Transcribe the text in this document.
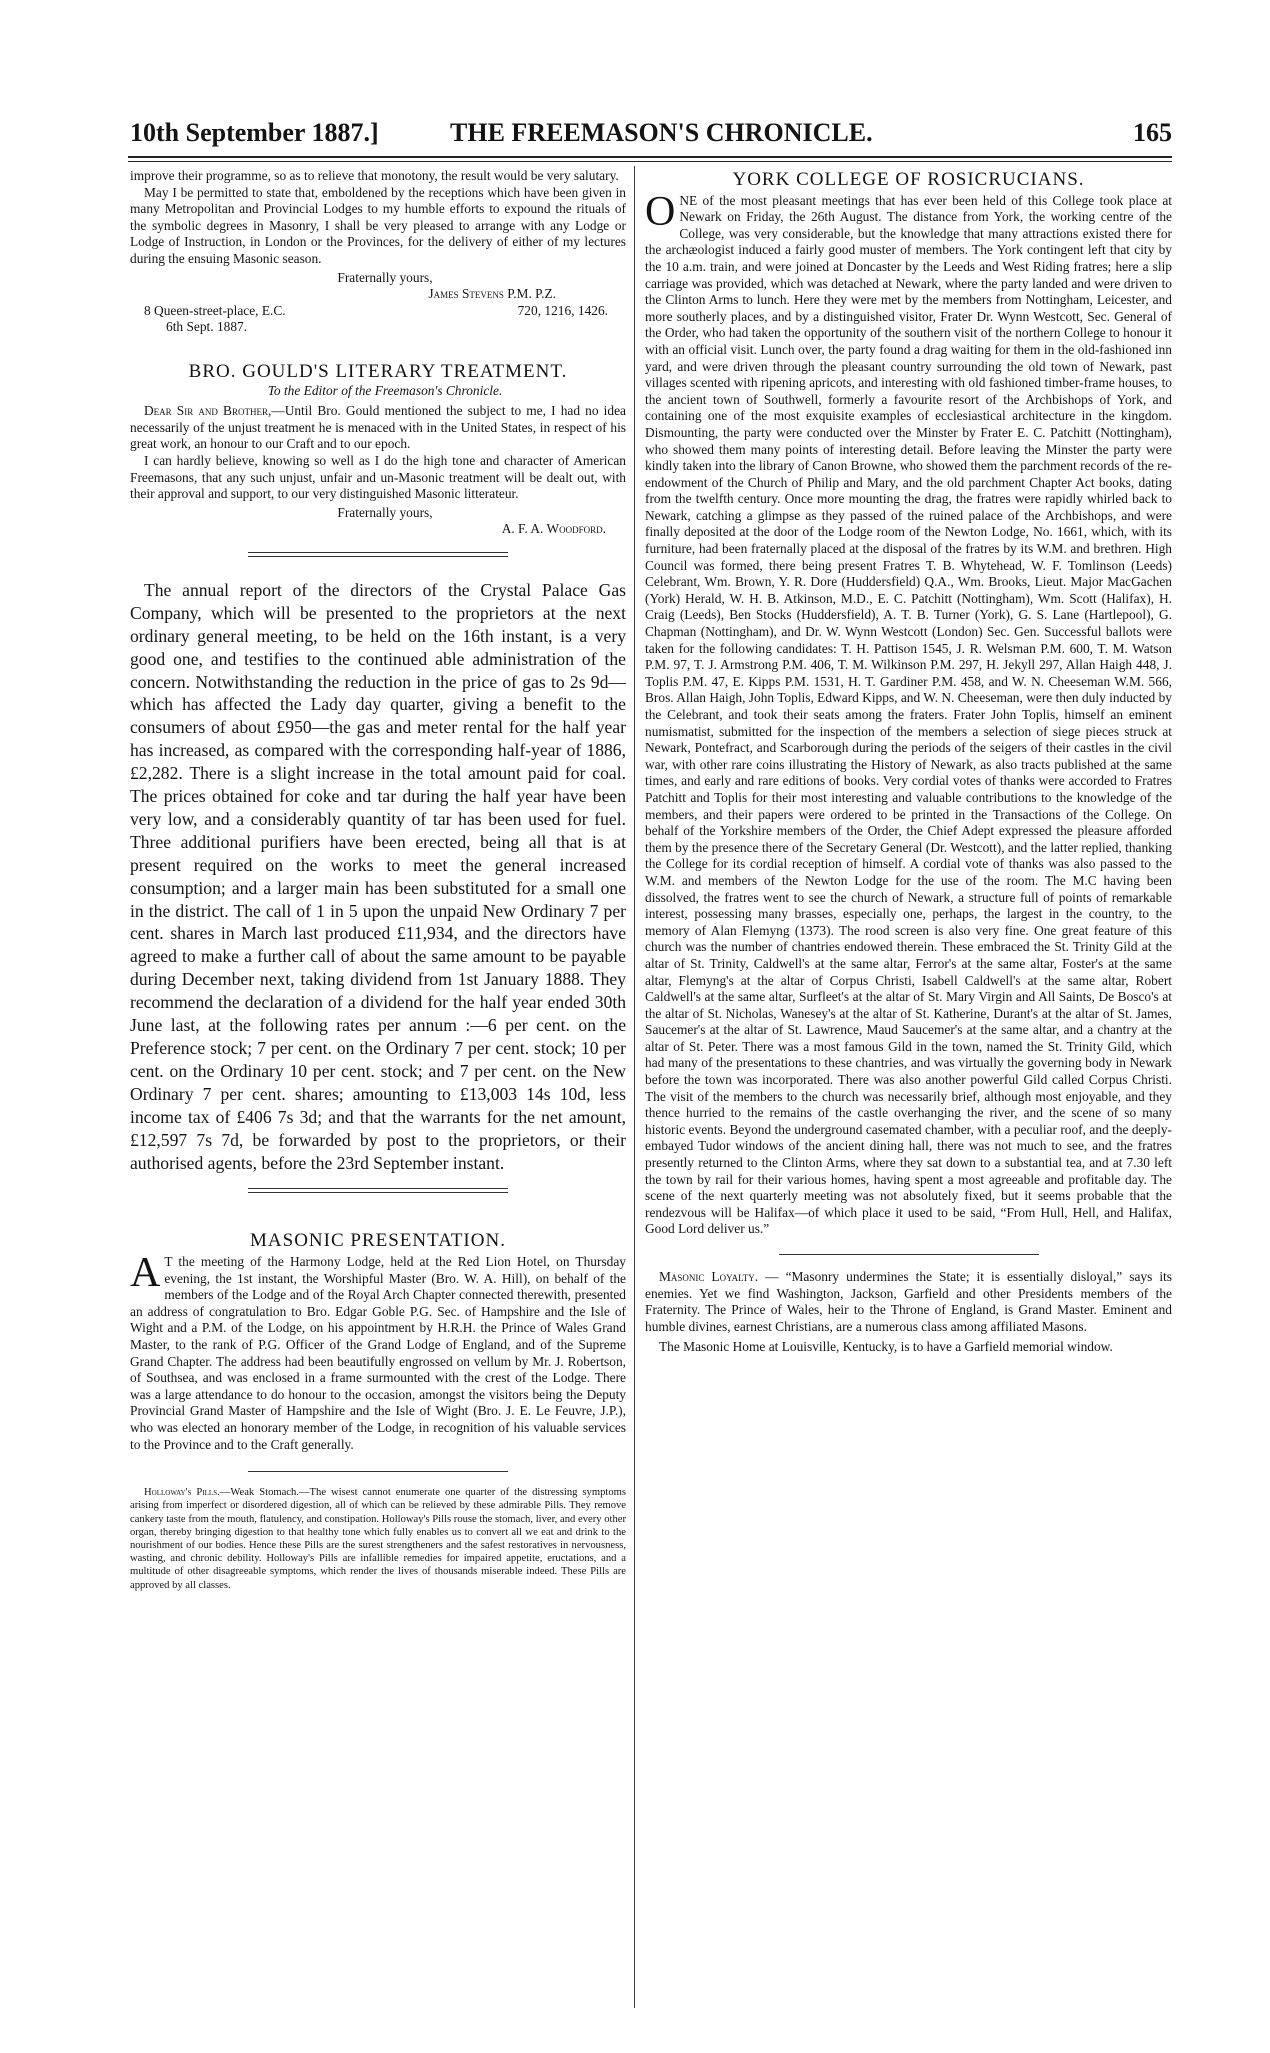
10th September 1887.]	THE FREEMASON'S CHRONICLE.	165

improve their programme, so as to relieve that monotony, the result would be very salutary.

May I be permitted to state that, emboldened by the receptions which have been given in many Metropolitan and Provincial Lodges to my humble efforts to expound the rituals of the symbolic degrees in Masonry, I shall be very pleased to arrange with any Lodge or Lodge of Instruction, in London or the Provinces, for the delivery of either of my lectures during the ensuing Masonic season.

Fraternally yours,

James Stevens P.M. P.Z.

8 Queen-street-place, E.C.	720, 1216, 1426.

6th Sept. 1887.

BRO. GOULD'S LITERARY TREATMENT.

To the Editor of the Freemason's Chronicle.

Dear Sir and Brother,—Until Bro. Gould mentioned the subject to me, I had no idea necessarily of the unjust treatment he is menaced with in the United States, in respect of his great work, an honour to our Craft and to our epoch.

I can hardly believe, knowing so well as I do the high tone and character of American Freemasons, that any such unjust, unfair and un-Masonic treatment will be dealt out, with their approval and support, to our very distinguished Masonic litterateur.

Fraternally yours,

A. F. A. Woodford.

The annual report of the directors of the Crystal Palace Gas Company, which will be presented to the proprietors at the next ordinary general meeting, to be held on the 16th instant, is a very good one, and testifies to the continued able administration of the concern. Notwithstanding the reduction in the price of gas to 2s 9d—which has affected the Lady day quarter, giving a benefit to the consumers of about £950—the gas and meter rental for the half year has increased, as compared with the corresponding half-year of 1886, £2,282. There is a slight increase in the total amount paid for coal. The prices obtained for coke and tar during the half year have been very low, and a considerably quantity of tar has been used for fuel. Three additional purifiers have been erected, being all that is at present required on the works to meet the general increased consumption; and a larger main has been substituted for a small one in the district. The call of 1 in 5 upon the unpaid New Ordinary 7 per cent. shares in March last produced £11,934, and the directors have agreed to make a further call of about the same amount to be payable during December next, taking dividend from 1st January 1888. They recommend the declaration of a dividend for the half year ended 30th June last, at the following rates per annum :—6 per cent. on the Preference stock; 7 per cent. on the Ordinary 7 per cent. stock; 10 per cent. on the Ordinary 10 per cent. stock; and 7 per cent. on the New Ordinary 7 per cent. shares; amounting to £13,003 14s 10d, less income tax of £406 7s 3d; and that the warrants for the net amount, £12,597 7s 7d, be forwarded by post to the proprietors, or their authorised agents, before the 23rd September instant.

MASONIC PRESENTATION.

A T the meeting of the Harmony Lodge, held at the Red Lion Hotel, on Thursday evening, the 1st instant, the Worshipful Master (Bro. W. A. Hill), on behalf of the members of the Lodge and of the Royal Arch Chapter connected therewith, presented an address of congratulation to Bro. Edgar Goble P.G. Sec. of Hampshire and the Isle of Wight and a P.M. of the Lodge, on his appointment by H.R.H. the Prince of Wales Grand Master, to the rank of P.G. Officer of the Grand Lodge of England, and of the Supreme Grand Chapter. The address had been beautifully engrossed on vellum by Mr. J. Robertson, of Southsea, and was enclosed in a frame surmounted with the crest of the Lodge. There was a large attendance to do honour to the occasion, amongst the visitors being the Deputy Provincial Grand Master of Hampshire and the Isle of Wight (Bro. J. E. Le Feuvre, J.P.), who was elected an honorary member of the Lodge, in recognition of his valuable services to the Province and to the Craft generally.

Holloway's Pills.—Weak Stomach.—The wisest cannot enumerate one quarter of the distressing symptoms arising from imperfect or disordered digestion, all of which can be relieved by these admirable Pills. They remove cankery taste from the mouth, flatulency, and constipation. Holloway's Pills rouse the stomach, liver, and every other organ, thereby bringing digestion to that healthy tone which fully enables us to convert all we eat and drink to the nourishment of our bodies. Hence these Pills are the surest strengtheners and the safest restoratives in nervousness, wasting, and chronic debility. Holloway's Pills are infallible remedies for impaired appetite, eructations, and a multitude of other disagreeable symptoms, which render the lives of thousands miserable indeed. These Pills are approved by all classes.

YORK COLLEGE OF ROSICRUCIANS.

ONE of the most pleasant meetings that has ever been held of this College took place at Newark on Friday, the 26th August. The distance from York, the working centre of the College, was very considerable, but the knowledge that many attractions existed there for the archæologist induced a fairly good muster of members. The York contingent left that city by the 10 a.m. train, and were joined at Doncaster by the Leeds and West Riding fratres; here a slip carriage was provided, which was detached at Newark, where the party landed and were driven to the Clinton Arms to lunch. Here they were met by the members from Nottingham, Leicester, and more southerly places, and by a distinguished visitor, Frater Dr. Wynn Westcott, Sec. General of the Order, who had taken the opportunity of the southern visit of the northern College to honour it with an official visit. Lunch over, the party found a drag waiting for them in the old-fashioned inn yard, and were driven through the pleasant country surrounding the old town of Newark, past villages scented with ripening apricots, and interesting with old fashioned timber-frame houses, to the ancient town of Southwell, formerly a favourite resort of the Archbishops of York, and containing one of the most exquisite examples of ecclesiastical architecture in the kingdom. Dismounting, the party were conducted over the Minster by Frater E. C. Patchitt (Nottingham), who showed them many points of interesting detail. Before leaving the Minster the party were kindly taken into the library of Canon Browne, who showed them the parchment records of the re-endowment of the Church of Philip and Mary, and the old parchment Chapter Act books, dating from the twelfth century. Once more mounting the drag, the fratres were rapidly whirled back to Newark, catching a glimpse as they passed of the ruined palace of the Archbishops, and were finally deposited at the door of the Lodge room of the Newton Lodge, No. 1661, which, with its furniture, had been fraternally placed at the disposal of the fratres by its W.M. and brethren. High Council was formed, there being present Fratres T. B. Whytehead, W. F. Tomlinson (Leeds) Celebrant, Wm. Brown, Y. R. Dore (Huddersfield) Q.A., Wm. Brooks, Lieut. Major MacGachen (York) Herald, W. H. B. Atkinson, M.D., E. C. Patchitt (Nottingham), Wm. Scott (Halifax), H. Craig (Leeds), Ben Stocks (Huddersfield), A. T. B. Turner (York), G. S. Lane (Hartlepool), G. Chapman (Nottingham), and Dr. W. Wynn Westcott (London) Sec. Gen. Successful ballots were taken for the following candidates: T. H. Pattison 1545, J. R. Welsman P.M. 600, T. M. Watson P.M. 97, T. J. Armstrong P.M. 406, T. M. Wilkinson P.M. 297, H. Jekyll 297, Allan Haigh 448, J. Toplis P.M. 47, E. Kipps P.M. 1531, H. T. Gardiner P.M. 458, and W. N. Cheeseman W.M. 566, Bros. Allan Haigh, John Toplis, Edward Kipps, and W. N. Cheeseman, were then duly inducted by the Celebrant, and took their seats among the fraters. Frater John Toplis, himself an eminent numismatist, submitted for the inspection of the members a selection of siege pieces struck at Newark, Pontefract, and Scarborough during the periods of the seigers of their castles in the civil war, with other rare coins illustrating the History of Newark, as also tracts published at the same times, and early and rare editions of books. Very cordial votes of thanks were accorded to Fratres Patchitt and Toplis for their most interesting and valuable contributions to the knowledge of the members, and their papers were ordered to be printed in the Transactions of the College. On behalf of the Yorkshire members of the Order, the Chief Adept expressed the pleasure afforded them by the presence there of the Secretary General (Dr. Westcott), and the latter replied, thanking the College for its cordial reception of himself. A cordial vote of thanks was also passed to the W.M. and members of the Newton Lodge for the use of the room. The M.C having been dissolved, the fratres went to see the church of Newark, a structure full of points of remarkable interest, possessing many brasses, especially one, perhaps, the largest in the country, to the memory of Alan Flemyng (1373). The rood screen is also very fine. One great feature of this church was the number of chantries endowed therein. These embraced the St. Trinity Gild at the altar of St. Trinity, Caldwell's at the same altar, Ferror's at the same altar, Foster's at the same altar, Flemyng's at the altar of Corpus Christi, Isabell Caldwell's at the same altar, Robert Caldwell's at the same altar, Surfleet's at the altar of St. Mary Virgin and All Saints, De Bosco's at the altar of St. Nicholas, Wanesey's at the altar of St. Katherine, Durant's at the altar of St. James, Saucemer's at the altar of St. Lawrence, Maud Saucemer's at the same altar, and a chantry at the altar of St. Peter. There was a most famous Gild in the town, named the St. Trinity Gild, which had many of the presentations to these chantries, and was virtually the governing body in Newark before the town was incorporated. There was also another powerful Gild called Corpus Christi. The visit of the members to the church was necessarily brief, although most enjoyable, and they thence hurried to the remains of the castle overhanging the river, and the scene of so many historic events. Beyond the underground casemated chamber, with a peculiar roof, and the deeply-embayed Tudor windows of the ancient dining hall, there was not much to see, and the fratres presently returned to the Clinton Arms, where they sat down to a substantial tea, and at 7.30 left the town by rail for their various homes, having spent a most agreeable and profitable day. The scene of the next quarterly meeting was not absolutely fixed, but it seems probable that the rendezvous will be Halifax—of which place it used to be said, “From Hull, Hell, and Halifax, Good Lord deliver us.”

Masonic Loyalty. — “Masonry undermines the State; it is essentially disloyal,” says its enemies. Yet we find Washington, Jackson, Garfield and other Presidents members of the Fraternity. The Prince of Wales, heir to the Throne of England, is Grand Master. Eminent and humble divines, earnest Christians, are a numerous class among affiliated Masons.

The Masonic Home at Louisville, Kentucky, is to have a Garfield memorial window.
